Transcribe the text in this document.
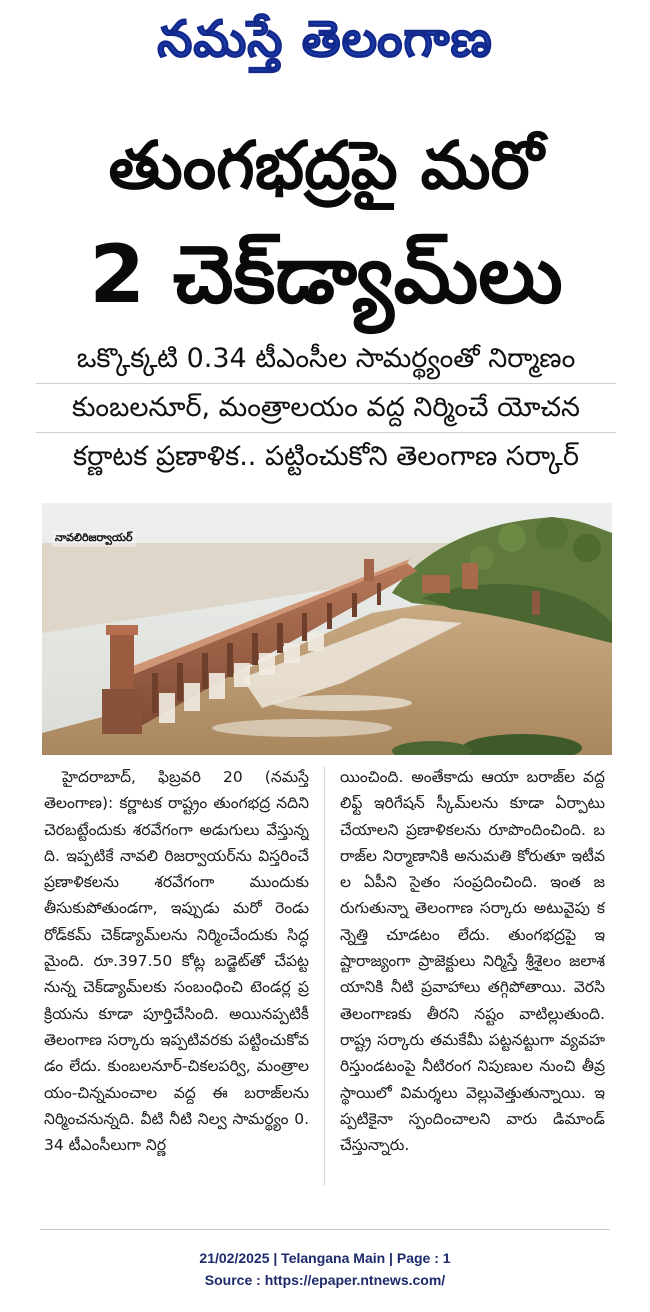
నమస్తే తెలంగాణ
తుంగభద్రపై మరో
2 చెక్‌డ్యామ్‌లు
ఒక్కొక్కటి 0.34 టీఎంసీల సామర్థ్యంతో నిర్మాణం
కుంబలనూర్, మంత్రాలయం వద్ద నిర్మించే యోచన
కర్ణాటక ప్రణాళిక.. పట్టించుకోని తెలంగాణ సర్కార్
నావలిరిజర్వాయర్
హైదరాబాద్, ఫిబ్రవరి 20 (నమస్తే తెలంగాణ): కర్ణాటక రాష్ట్రం తుంగభద్ర నదిని చెరబట్టేందుకు శరవేగంగా అడుగులు వేస్తున్నది. ఇప్పటికే నావలి రిజర్వాయర్‌ను విస్తరించే ప్రణాళికలను శరవేగంగా ముందుకు తీసుకుపోతుండగా, ఇప్పుడు మరో రెండు రోడ్‌కమ్ చెక్‌డ్యామ్‌లను నిర్మించేందుకు సిద్ధమైంది. రూ.397.50 కోట్ల బడ్జెట్‌తో చేపట్టనున్న చెక్‌డ్యామ్‌లకు సంబంధించి టెండర్ల ప్రక్రియను కూడా పూర్తిచేసింది. అయినప్పటికీ తెలంగాణ సర్కారు ఇప్పటివరకు పట్టించుకోవడం లేదు. కుంబలనూర్-చికలపర్వి, మంత్రాలయం-చిన్నమంచాల వద్ద ఈ బరాజ్‌లను నిర్మించనున్నది. వీటి నీటి నిల్వ సామర్థ్యం 0.34 టీఎంసీలుగా నిర్ణ
యించింది. అంతేకాదు ఆయా బరాజ్‌ల వద్ద లిఫ్ట్ ఇరిగేషన్ స్కీమ్‌లను కూడా ఏర్పాటు చేయాలని ప్రణాళికలను రూపొందించింది. బరాజ్‌ల నిర్మాణానికి అనుమతి కోరుతూ ఇటీవల ఏపీని సైతం సంప్రదించింది. ఇంత జరుగుతున్నా తెలంగాణ సర్కారు అటువైపు కన్నెత్తి చూడటం లేదు. తుంగభద్రపై ఇష్టారాజ్యంగా ప్రాజెక్టులు నిర్మిస్తే శ్రీశైలం జలాశయానికి నీటి ప్రవాహాలు తగ్గిపోతాయి. వెరసి తెలంగాణకు తీరని నష్టం వాటిల్లుతుంది. రాష్ట్ర సర్కారు తమకేమీ పట్టనట్టుగా వ్యవహరిస్తుండటంపై నీటిరంగ నిపుణుల నుంచి తీవ్రస్థాయిలో విమర్శలు వెల్లువెత్తుతున్నాయి. ఇప్పటికైనా స్పందించాలని వారు డిమాండ్ చేస్తున్నారు.
21/02/2025 | Telangana Main | Page : 1
Source : https://epaper.ntnews.com/
